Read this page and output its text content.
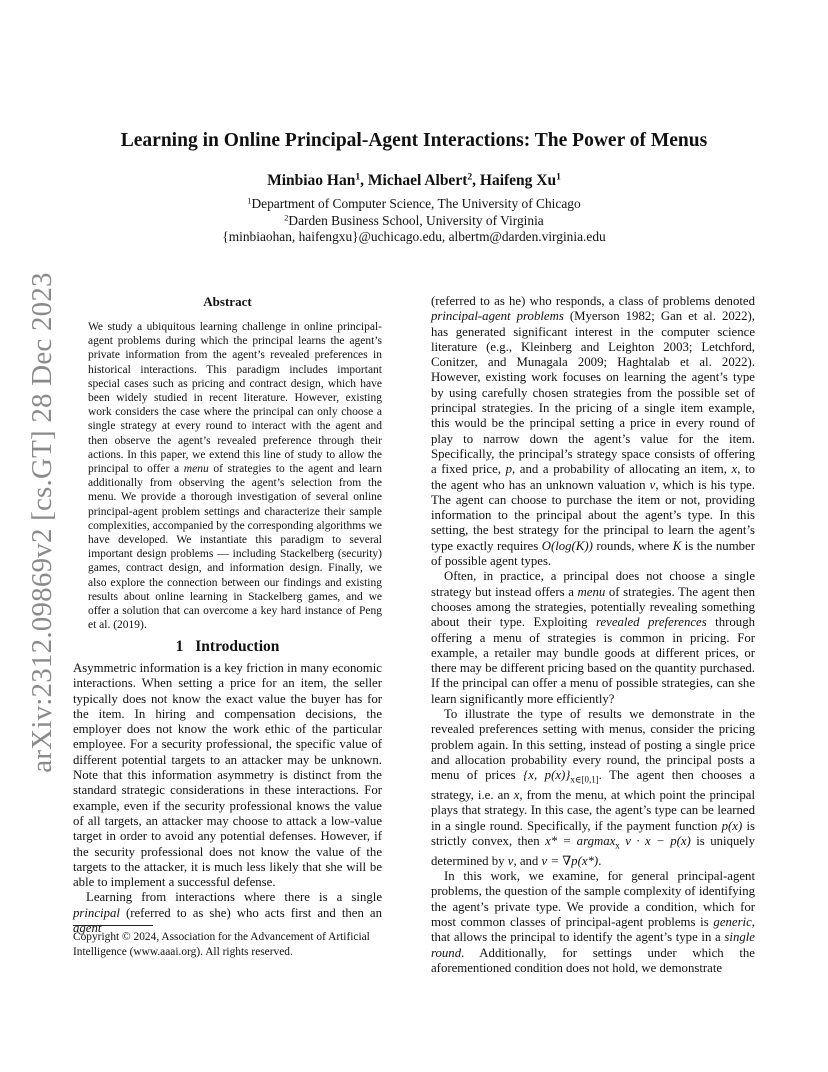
arXiv:2312.09869v2 [cs.GT] 28 Dec 2023
Learning in Online Principal-Agent Interactions: The Power of Menus
Minbiao Han$^1$, Michael Albert$^2$, Haifeng Xu$^1$
$^1$Department of Computer Science, The University of Chicago
$^2$Darden Business School, University of Virginia
{minbiaohan, haifengxu}@uchicago.edu, albertm@darden.virginia.edu
Abstract
We study a ubiquitous learning challenge in online principal-agent problems during which the principal learns the agent’s private information from the agent’s revealed preferences in historical interactions. This paradigm includes important special cases such as pricing and contract design, which have been widely studied in recent literature. However, existing work considers the case where the principal can only choose a single strategy at every round to interact with the agent and then observe the agent’s revealed preference through their actions. In this paper, we extend this line of study to allow the principal to offer a menu of strategies to the agent and learn additionally from observing the agent’s selection from the menu. We provide a thorough investigation of several online principal-agent problem settings and characterize their sample complexities, accompanied by the corresponding algorithms we have developed. We instantiate this paradigm to several important design problems — including Stackelberg (security) games, contract design, and information design. Finally, we also explore the connection between our findings and existing results about online learning in Stackelberg games, and we offer a solution that can overcome a key hard instance of Peng et al. (2019).
1 Introduction

Asymmetric information is a key friction in many economic interactions. When setting a price for an item, the seller typically does not know the exact value the buyer has for the item. In hiring and compensation decisions, the employer does not know the work ethic of the particular employee. For a security professional, the specific value of different potential targets to an attacker may be unknown. Note that this information asymmetry is distinct from the standard strategic considerations in these interactions. For example, even if the security professional knows the value of all targets, an attacker may choose to attack a low-value target in order to avoid any potential defenses. However, if the security professional does not know the value of the targets to the attacker, it is much less likely that she will be able to implement a successful defense.

Learning from interactions where there is a single principal (referred to as she) who acts first and then an agent

Copyright © 2024, Association for the Advancement of Artificial Intelligence (www.aaai.org). All rights reserved.

(referred to as he) who responds, a class of problems denoted principal-agent problems (Myerson 1982; Gan et al. 2022), has generated significant interest in the computer science literature (e.g., Kleinberg and Leighton 2003; Letchford, Conitzer, and Munagala 2009; Haghtalab et al. 2022). However, existing work focuses on learning the agent’s type by using carefully chosen strategies from the possible set of principal strategies. In the pricing of a single item example, this would be the principal setting a price in every round of play to narrow down the agent’s value for the item. Specifically, the principal’s strategy space consists of offering a fixed price, p, and a probability of allocating an item, x, to the agent who has an unknown valuation v, which is his type. The agent can choose to purchase the item or not, providing information to the principal about the agent’s type. In this setting, the best strategy for the principal to learn the agent’s type exactly requires O(log(K)) rounds, where K is the number of possible agent types.

Often, in practice, a principal does not choose a single strategy but instead offers a menu of strategies. The agent then chooses among the strategies, potentially revealing something about their type. Exploiting revealed preferences through offering a menu of strategies is common in pricing. For example, a retailer may bundle goods at different prices, or there may be different pricing based on the quantity purchased. If the principal can offer a menu of possible strategies, can she learn significantly more efficiently?

To illustrate the type of results we demonstrate in the revealed preferences setting with menus, consider the pricing problem again. In this setting, instead of posting a single price and allocation probability every round, the principal posts a menu of prices {x, $p(x)\}_{x\in[0,1]}$. The agent then chooses a strategy, i.e. an x, from the menu, at which point the principal plays that strategy. In this case, the agent’s type can be learned in a single round. Specifically, if the payment function p(x) is strictly convex, then x* = argmax$_x$ v · x − p(x) is uniquely determined by v, and v = ∇p(x*).

In this work, we examine, for general principal-agent problems, the question of the sample complexity of identifying the agent’s private type. We provide a condition, which for most common classes of principal-agent problems is generic, that allows the principal to identify the agent’s type in a single round. Additionally, for settings under which the aforementioned condition does not hold, we demonstrate
